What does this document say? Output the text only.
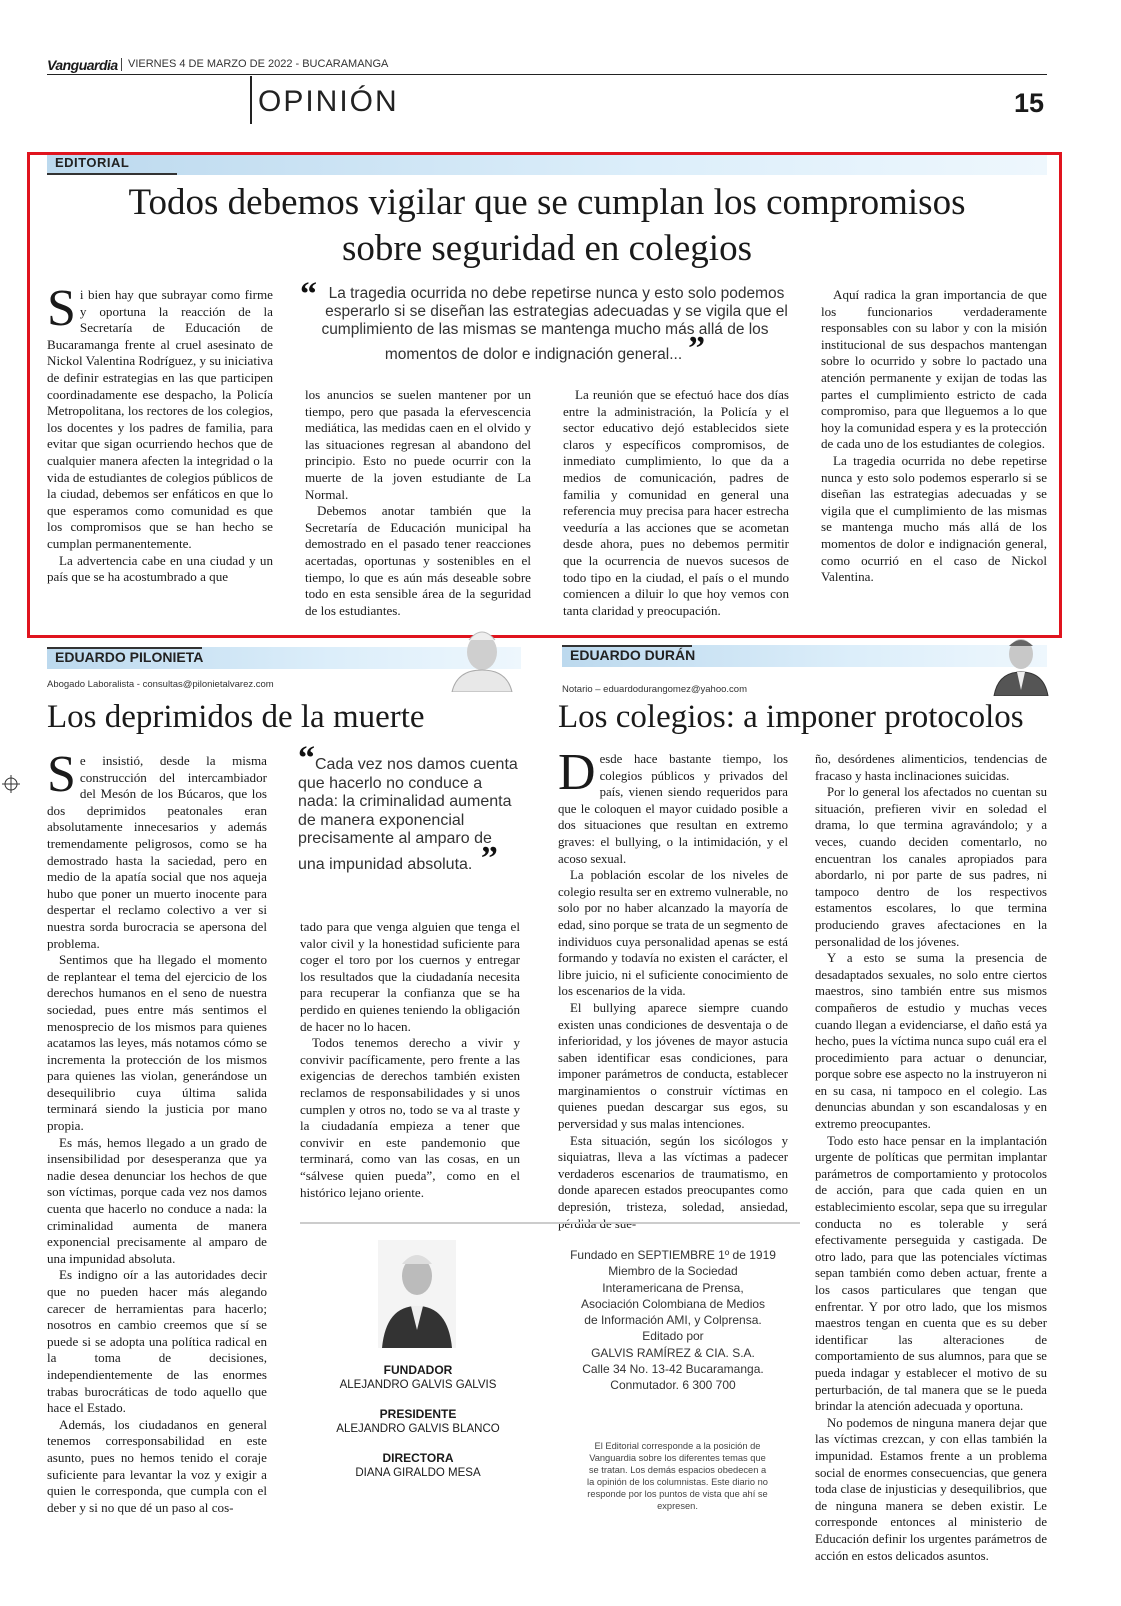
Vanguardia VIERNES 4 DE MARZO DE 2022 - BUCARAMANGA
OPINIÓN	15
EDITORIAL
Todos debemos vigilar que se cumplan los compromisos
sobre seguridad en colegios

Si bien hay que subrayar como firme y oportuna la reacción de la Secretaría de Educación de Bucaramanga frente al cruel asesinato de Nickol Valentina Rodríguez, y su iniciativa de definir estrategias en las que participen coordinadamente ese despacho, la Policía Metropolitana, los rectores de los colegios, los docentes y los padres de familia, para evitar que sigan ocurriendo hechos que de cualquier manera afecten la integridad o la vida de estudiantes de colegios públicos de la ciudad, debemos ser enfáticos en que lo que esperamos como comunidad es que los compromisos que se han hecho se cumplan permanentemente.

La advertencia cabe en una ciudad y un país que se ha acostumbrado a que

“ La tragedia ocurrida no debe repetirse nunca y esto solo podemos esperarlo si se diseñan las estrategias adecuadas y se vigila que el cumplimiento de las mismas se mantenga mucho más allá de los momentos de dolor e indignación general... ”

los anuncios se suelen mantener por un tiempo, pero que pasada la efervescencia mediática, las medidas caen en el olvido y las situaciones regresan al abandono del principio. Esto no puede ocurrir con la muerte de la joven estudiante de La Normal.

Debemos anotar también que la Secretaría de Educación municipal ha demostrado en el pasado tener reacciones acertadas, oportunas y sostenibles en el tiempo, lo que es aún más deseable sobre todo en esta sensible área de la seguridad de los estudiantes.

La reunión que se efectuó hace dos días entre la administración, la Policía y el sector educativo dejó establecidos siete claros y específicos compromisos, de inmediato cumplimiento, lo que da a medios de comunicación, padres de familia y comunidad en general una referencia muy precisa para hacer estrecha veeduría a las acciones que se acometan desde ahora, pues no debemos permitir que la ocurrencia de nuevos sucesos de todo tipo en la ciudad, el país o el mundo comiencen a diluir lo que hoy vemos con tanta claridad y preocupación.

Aquí radica la gran importancia de que los funcionarios verdaderamente responsables con su labor y con la misión institucional de sus despachos mantengan sobre lo ocurrido y sobre lo pactado una atención permanente y exijan de todas las partes el cumplimiento estricto de cada compromiso, para que lleguemos a lo que hoy la comunidad espera y es la protección de cada uno de los estudiantes de colegios.

La tragedia ocurrida no debe repetirse nunca y esto solo podemos esperarlo si se diseñan las estrategias adecuadas y se vigila que el cumplimiento de las mismas se mantenga mucho más allá de los momentos de dolor e indignación general, como ocurrió en el caso de Nickol Valentina.

EDUARDO PILONIETA
Abogado Laboralista - consultas@pilonietalvarez.com
Los deprimidos de la muerte

Se insistió, desde la misma construcción del intercambiador del Mesón de los Búcaros, que los dos deprimidos peatonales eran absolutamente innecesarios y además tremendamente peligrosos, como se ha demostrado hasta la saciedad, pero en medio de la apatía social que nos aqueja hubo que poner un muerto inocente para despertar el reclamo colectivo a ver si nuestra sorda burocracia se apersona del problema.

Sentimos que ha llegado el momento de replantear el tema del ejercicio de los derechos humanos en el seno de nuestra sociedad, pues entre más sentimos el menosprecio de los mismos para quienes acatamos las leyes, más notamos cómo se incrementa la protección de los mismos para quienes las violan, generándose un desequilibrio cuya última salida terminará siendo la justicia por mano propia.

Es más, hemos llegado a un grado de insensibilidad por desesperanza que ya nadie desea denunciar los hechos de que son víctimas, porque cada vez nos damos cuenta que hacerlo no conduce a nada: la criminalidad aumenta de manera exponencial precisamente al amparo de una impunidad absoluta.

Es indigno oír a las autoridades decir que no pueden hacer más alegando carecer de herramientas para hacerlo; nosotros en cambio creemos que sí se puede si se adopta una política radical en la toma de decisiones, independientemente de las enormes trabas burocráticas de todo aquello que hace el Estado.

Además, los ciudadanos en general tenemos corresponsabilidad en este asunto, pues no hemos tenido el coraje suficiente para levantar la voz y exigir a quien le corresponda, que cumpla con el deber y si no que dé un paso al cos-

“Cada vez nos damos cuenta que hacerlo no conduce a nada: la criminalidad aumenta de manera exponencial precisamente al amparo de una impunidad absoluta. ”

tado para que venga alguien que tenga el valor civil y la honestidad suficiente para coger el toro por los cuernos y entregar los resultados que la ciudadanía necesita para recuperar la confianza que se ha perdido en quienes teniendo la obligación de hacer no lo hacen.

Todos tenemos derecho a vivir y convivir pacíficamente, pero frente a las exigencias de derechos también existen reclamos de responsabilidades y si unos cumplen y otros no, todo se va al traste y la ciudadanía empieza a tener que convivir en este pandemonio que terminará, como van las cosas, en un “sálvese quien pueda”, como en el histórico lejano oriente.

EDUARDO DURÁN
Notario – eduardodurangomez@yahoo.com
Los colegios: a imponer protocolos

Desde hace bastante tiempo, los colegios públicos y privados del país, vienen siendo requeridos para que le coloquen el mayor cuidado posible a dos situaciones que resultan en extremo graves: el bullying, o la intimidación, y el acoso sexual.

La población escolar de los niveles de colegio resulta ser en extremo vulnerable, no solo por no haber alcanzado la mayoría de edad, sino porque se trata de un segmento de individuos cuya personalidad apenas se está formando y todavía no existen el carácter, el libre juicio, ni el suficiente conocimiento de los escenarios de la vida.

El bullying aparece siempre cuando existen unas condiciones de desventaja o de inferioridad, y los jóvenes de mayor astucia saben identificar esas condiciones, para imponer parámetros de conducta, establecer marginamientos o construir víctimas en quienes puedan descargar sus egos, su perversidad y sus malas intenciones.

Esta situación, según los sicólogos y siquiatras, lleva a las víctimas a padecer verdaderos escenarios de traumatismo, en donde aparecen estados preocupantes como depresión, tristeza, soledad, ansiedad,

ño, desórdenes alimenticios, tendencias de fracaso y hasta inclinaciones suicidas.

Por lo general los afectados no cuentan su situación, prefieren vivir en soledad el drama, lo que termina agravándolo; y a veces, cuando deciden comentarlo, no encuentran los canales apropiados para abordarlo, ni por parte de sus padres, ni tampoco dentro de los respectivos estamentos escolares, lo que termina produciendo graves afectaciones en la personalidad de los jóvenes.

Y a esto se suma la presencia de desadaptados sexuales, no solo entre ciertos maestros, sino también entre sus mismos compañeros de estudio y muchas veces cuando llegan a evidenciarse, el daño está ya hecho, pues la víctima nunca supo cuál era el procedimiento para actuar o denunciar, porque sobre ese aspecto no la instruyeron ni en su casa, ni tampoco en el colegio. Las denuncias abundan y son escandalosas y en extremo preocupantes.

Todo esto hace pensar en la implantación urgente de políticas que permitan implantar parámetros de comportamiento y protocolos de acción, para que cada quien en un establecimiento escolar, sepa que su irregular conducta no es tolerable y será efectivamente perseguida y castigada. De otro lado, para que las potenciales víctimas sepan también como deben actuar, frente a los casos particulares que tengan que enfrentar. Y por otro lado, que los mismos maestros tengan en cuenta que es su deber identificar las alteraciones de comportamiento de sus alumnos, para que se pueda indagar y establecer el motivo de su perturbación, de tal manera que se le pueda brindar la atención adecuada y oportuna.

No podemos de ninguna manera dejar que las víctimas crezcan, y con ellas también la impunidad. Estamos frente a un problema social de enormes consecuencias, que genera toda clase de injusticias y desequilibrios, que de ninguna manera se deben existir. Le corresponde entonces al ministerio de Educación definir los urgentes parámetros de acción en estos delicados asuntos.

FUNDADOR
ALEJANDRO GALVIS GALVIS
PRESIDENTE
ALEJANDRO GALVIS BLANCO
DIRECTORA
DIANA GIRALDO MESA
Fundado en SEPTIEMBRE 1º de 1919
Miembro de la Sociedad
Interamericana de Prensa,
Asociación Colombiana de Medios
de Información AMI, y Colprensa.
Editado por
GALVIS RAMÍREZ & CIA. S.A.
Calle 34 No. 13-42 Bucaramanga.
Conmutador. 6 300 700
El Editorial corresponde a la posición de Vanguardia sobre los diferentes temas que se tratan. Los demás espacios obedecen a la opinión de los columnistas. Este diario no responde por los puntos de vista que ahí se expresen.
